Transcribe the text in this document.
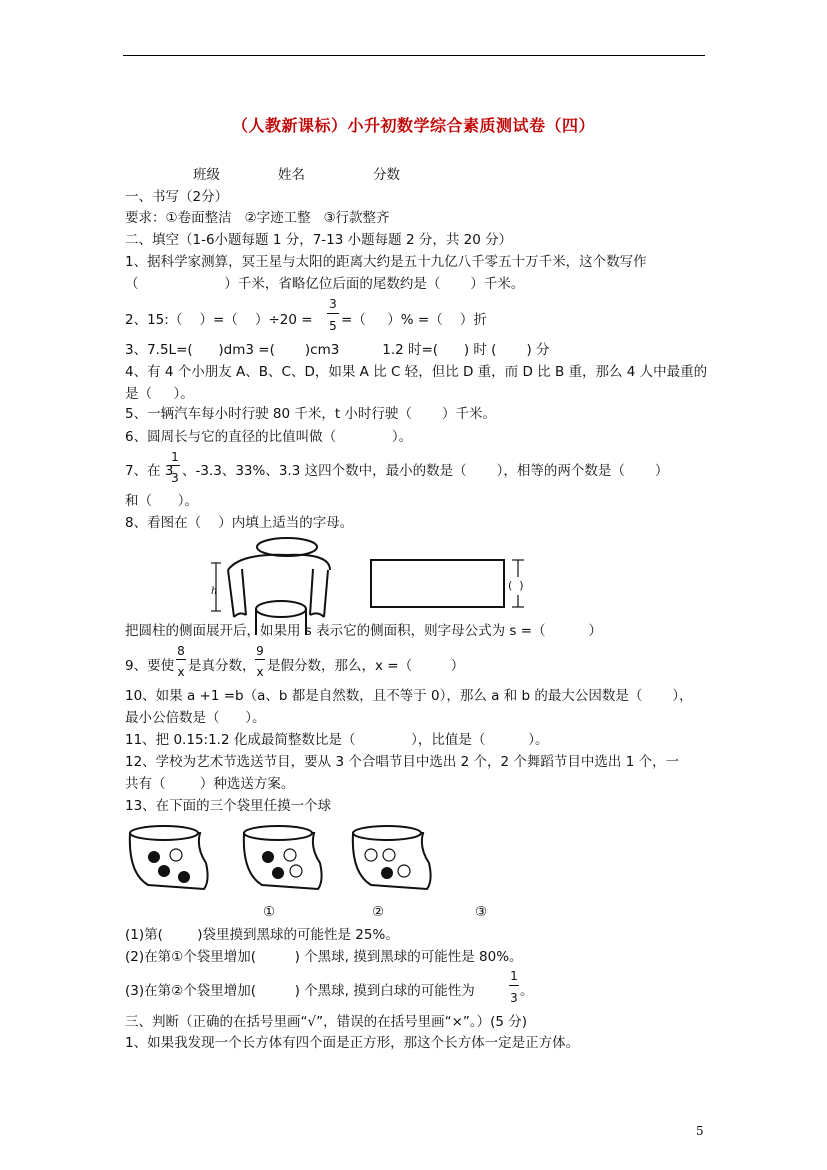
（人教新课标）小升初数学综合素质测试卷（四）
班级	姓名	分数
一、书写（2分）
要求：①卷面整洁   ②字迹工整   ③行款整齐
二、填空（1-6小题每题 1 分，7-13 小题每题 2 分，共 20 分）
1、据科学家测算，冥王星与太阳的距离大约是五十九亿八千零五十万千米，这个数写作
（                    ）千米，省略亿位后面的尾数约是（       ）千米。
2、15:（    ）=（    ）÷20 =
3
5 =（     ）% =（    ）折
3、7.5L=(      )dm3 =(       )cm3          1.2 时=(      ) 时 (       ) 分
4、有 4 个小朋友 A、B、C、D，如果 A 比 C 轻，但比 D 重，而 D 比 B 重，那么 4 人中最重的
是（     ）。
5、一辆汽车每小时行驶 80 千米，t 小时行驶（       ）千米。
6、圆周长与它的直径的比值叫做（             ）。
7、在 3
1
3 、-3.3、33%、3.3 这四个数中，最小的数是（       ），相等的两个数是（       ）
和（      ）。
8、看图在（    ）内填上适当的字母。
h	(  )
把圆柱的侧面展开后，如果用 s 表示它的侧面积，则字母公式为 s =（          ）
9、要使
8
x 是真分数，
9
x 是假分数，那么，x =（         ）
10、如果 a +1 =b（a、b 都是自然数，且不等于 0），那么 a 和 b 的最大公因数是（       ），
最小公倍数是（      ）。
11、把 0.15:1.2 化成最简整数比是（             ），比值是（          ）。
12、学校为艺术节选送节目，要从 3 个合唱节目中选出 2 个，2 个舞蹈节目中选出 1 个，一
共有（        ）种选送方案。
13、在下面的三个袋里任摸一个球
①	②	③
(1)第(        )袋里摸到黑球的可能性是 25%。
(2)在第①个袋里增加(         ) 个黑球, 摸到黑球的可能性是 80%。
(3)在第②个袋里增加(         ) 个黑球, 摸到白球的可能性为
1
3 。
三、判断（正确的在括号里画“√”，错误的在括号里画“×”。）(5 分)
1、如果我发现一个长方体有四个面是正方形，那这个长方体一定是正方体。
5
